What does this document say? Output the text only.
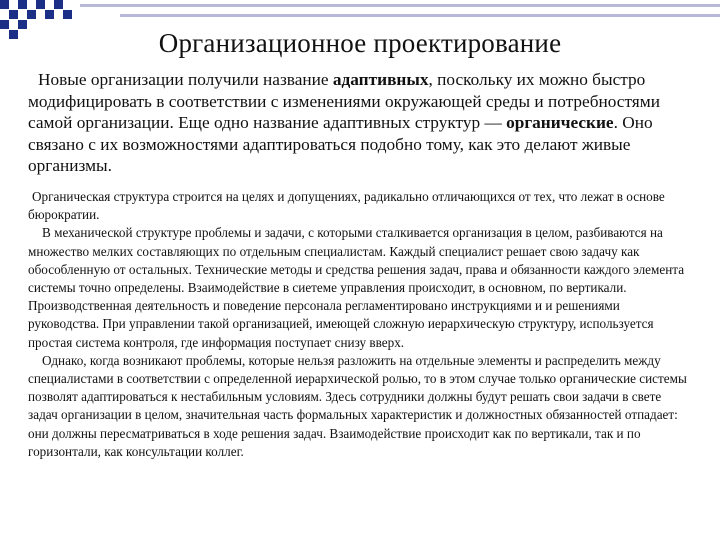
Организационное проектирование

Новые организации получили название адаптивных, поскольку их можно быстро модифицировать в соответствии с изменениями окружающей среды и потребностями самой организации. Еще одно название адаптивных структур — органические. Оно связано с их возможностями адаптироваться подобно тому, как это делают живые организмы.

Органическая структура строится на целях и допущениях, радикально отличающихся от тех, что лежат в основе бюрократии.

В механической структуре проблемы и задачи, с которыми сталкивается организация в целом, разбиваются на множество мелких составляющих по отдельным специалистам. Каждый специалист решает свою задачу как обособленную от остальных. Технические методы и средства решения задач, права и обязанности каждого элемента системы точно определены. Взаимодействие в сиетеме управления происходит, в основном, по вертикали. Производственная деятельность и поведение персонала регламентировано инструкциями и и решениями руководства. При управлении такой организацией, имеющей сложную иерархическую структуру, используется простая система контроля, где информация поступает снизу вверх.

Однако, когда возникают проблемы, которые нельзя разложить на отдельные элементы и распределить между специалистами в соответствии с определенной иерархической ролью, то в этом случае только органические системы позволят адаптироваться к нестабильным условиям. Здесь сотрудники должны будут решать свои задачи в свете задач организации в целом, значительная часть формальных характеристик и должностных обязанностей отпадает: они должны пересматриваться в ходе решения задач. Взаимодействие происходит как по вертикали, так и по горизонтали, как консультации коллег.
